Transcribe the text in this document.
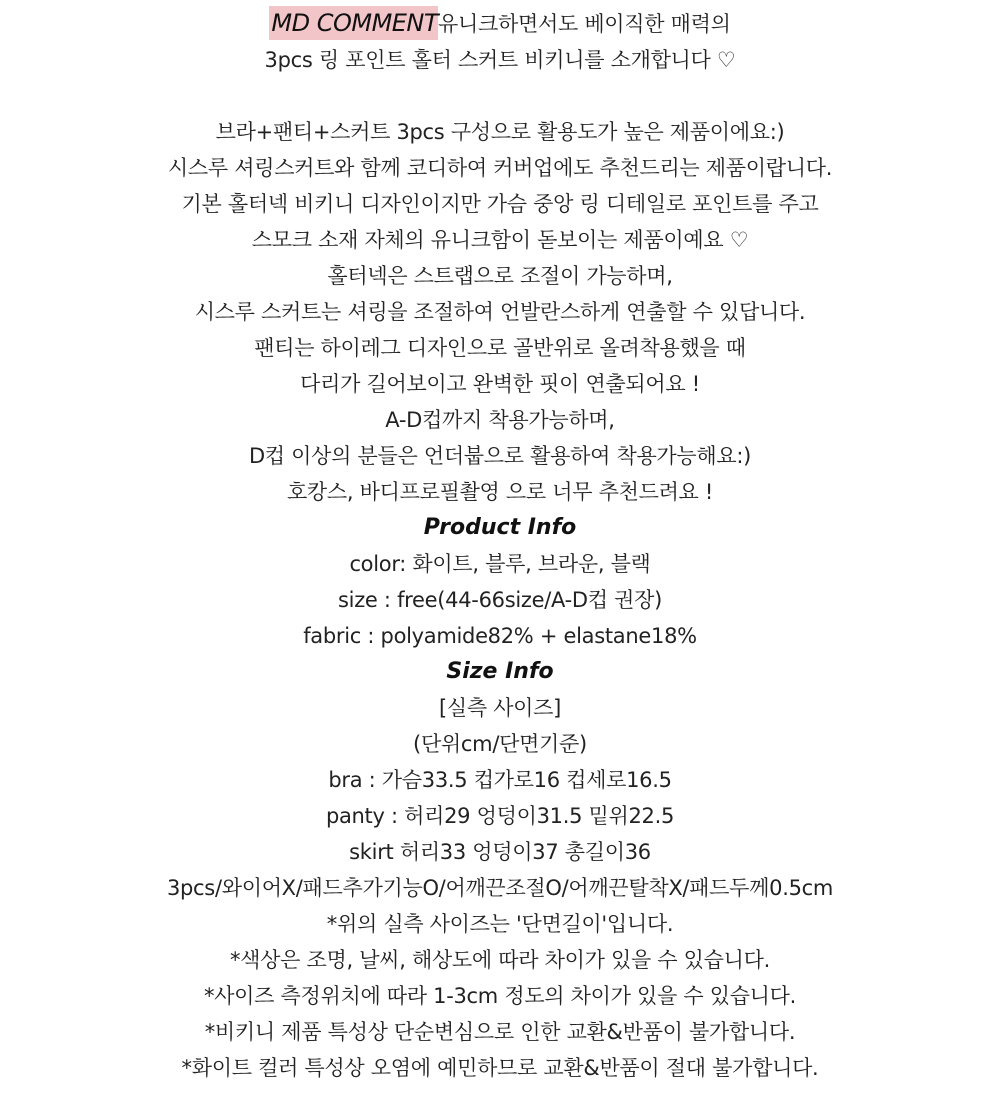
MD COMMENT유니크하면서도 베이직한 매력의
3pcs 링 포인트 홀터 스커트 비키니를 소개합니다 ♡
브라+팬티+스커트 3pcs 구성으로 활용도가 높은 제품이에요:)
시스루 셔링스커트와 함께 코디하여 커버업에도 추천드리는 제품이랍니다.
기본 홀터넥 비키니 디자인이지만 가슴 중앙 링 디테일로 포인트를 주고
스모크 소재 자체의 유니크함이 돋보이는 제품이예요 ♡
홀터넥은 스트랩으로 조절이 가능하며,
시스루 스커트는 셔링을 조절하여 언발란스하게 연출할 수 있답니다.
팬티는 하이레그 디자인으로 골반위로 올려착용했을 때
다리가 길어보이고 완벽한 핏이 연출되어요 !
A-D컵까지 착용가능하며,
D컵 이상의 분들은 언더붑으로 활용하여 착용가능해요:)
호캉스, 바디프로필촬영 으로 너무 추천드려요 !
Product Info
color: 화이트, 블루, 브라운, 블랙
size : free(44-66size/A-D컵 권장)
fabric : polyamide82% + elastane18%
Size Info
[실측 사이즈]
(단위cm/단면기준)
bra : 가슴33.5 컵가로16 컵세로16.5
panty : 허리29 엉덩이31.5 밑위22.5
skirt 허리33 엉덩이37 총길이36
3pcs/와이어X/패드추가기능O/어깨끈조절O/어깨끈탈착X/패드두께0.5cm
*위의 실측 사이즈는 '단면길이'입니다.
*색상은 조명, 날씨, 해상도에 따라 차이가 있을 수 있습니다.
*사이즈 측정위치에 따라 1-3cm 정도의 차이가 있을 수 있습니다.
*비키니 제품 특성상 단순변심으로 인한 교환&반품이 불가합니다.
*화이트 컬러 특성상 오염에 예민하므로 교환&반품이 절대 불가합니다.
